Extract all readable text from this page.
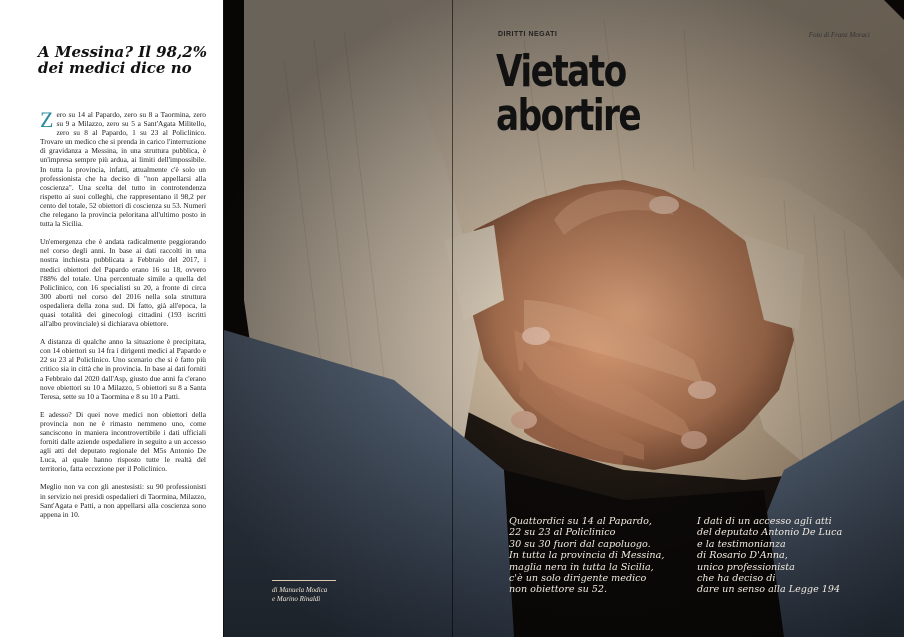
A Messina? Il 98,2%
dei medici dice no

Zero su 14 al Papardo, zero su 8 a Taormina, zero su 9 a Milazzo, zero su 5 a Sant'Agata Militello, zero su 8 al Papardo, 1 su 23 al Policlinico. Trovare un medico che si prenda in carico l'interruzione di gravidanza a Messina, in una struttura pubblica, è un'impresa sempre più ardua, ai limiti dell'impossibile. In tutta la provincia, infatti, attualmente c'è solo un professionista che ha deciso di "non appellarsi alla coscienza". Una scelta del tutto in controtendenza rispetto ai suoi colleghi, che rappresentano il 98,2 per cento del totale, 52 obiettori di coscienza su 53. Numeri che relegano la provincia peloritana all'ultimo posto in tutta la Sicilia.

Un'emergenza che è andata radicalmente peggiorando nel corso degli anni. In base ai dati raccolti in una nostra inchiesta pubblicata a Febbraio del 2017, i medici obiettori del Papardo erano 16 su 18, ovvero l'88% del totale. Una percentuale simile a quella del Policlinico, con 16 specialisti su 20, a fronte di circa 300 aborti nel corso del 2016 nella sola struttura ospedaliera della zona sud. Di fatto, già all'epoca, la quasi totalità dei ginecologi cittadini (193 iscritti all'albo provinciale) si dichiarava obiettore.

A distanza di qualche anno la situazione è precipitata, con 14 obiettori su 14 fra i dirigenti medici al Papardo e 22 su 23 al Policlinico. Uno scenario che si è fatto più critico sia in città che in provincia. In base ai dati forniti a Febbraio dal 2020 dall'Asp, giusto due anni fa c'erano nove obiettori su 10 a Milazzo, 5 obiettori su 8 a Santa Teresa, sette su 10 a Taormina e 8 su 10 a Patti.

E adesso? Di quei nove medici non obiettori della provincia non ne è rimasto nemmeno uno, come sanciscono in maniera incontrovertibile i dati ufficiali forniti dalle aziende ospedaliere in seguito a un accesso agli atti del deputato regionale del M5s Antonio De Luca, al quale hanno risposto tutte le realtà del territorio, fatta eccezione per il Policlinico.

Meglio non va con gli anestesisti: su 90 professionisti in servizio nei presidi ospedalieri di Taormina, Milazzo, Sant'Agata e Patti, a non appellarsi alla coscienza sono appena in 10.

DIRITTI NEGATI	Foto di Franz Moraci
Vietato
abortire
di Manuela Modica
e Marino Rinaldi
Quattordici su 14 al Papardo,
22 su 23 al Policlinico
30 su 30 fuori dal capoluogo.
In tutta la provincia di Messina,
maglia nera in tutta la Sicilia,
c'è un solo dirigente medico
non obiettore su 52.
I dati di un accesso agli atti
del deputato Antonio De Luca
e la testimonianza
di Rosario D'Anna,
unico professionista
che ha deciso di
dare un senso alla Legge 194
